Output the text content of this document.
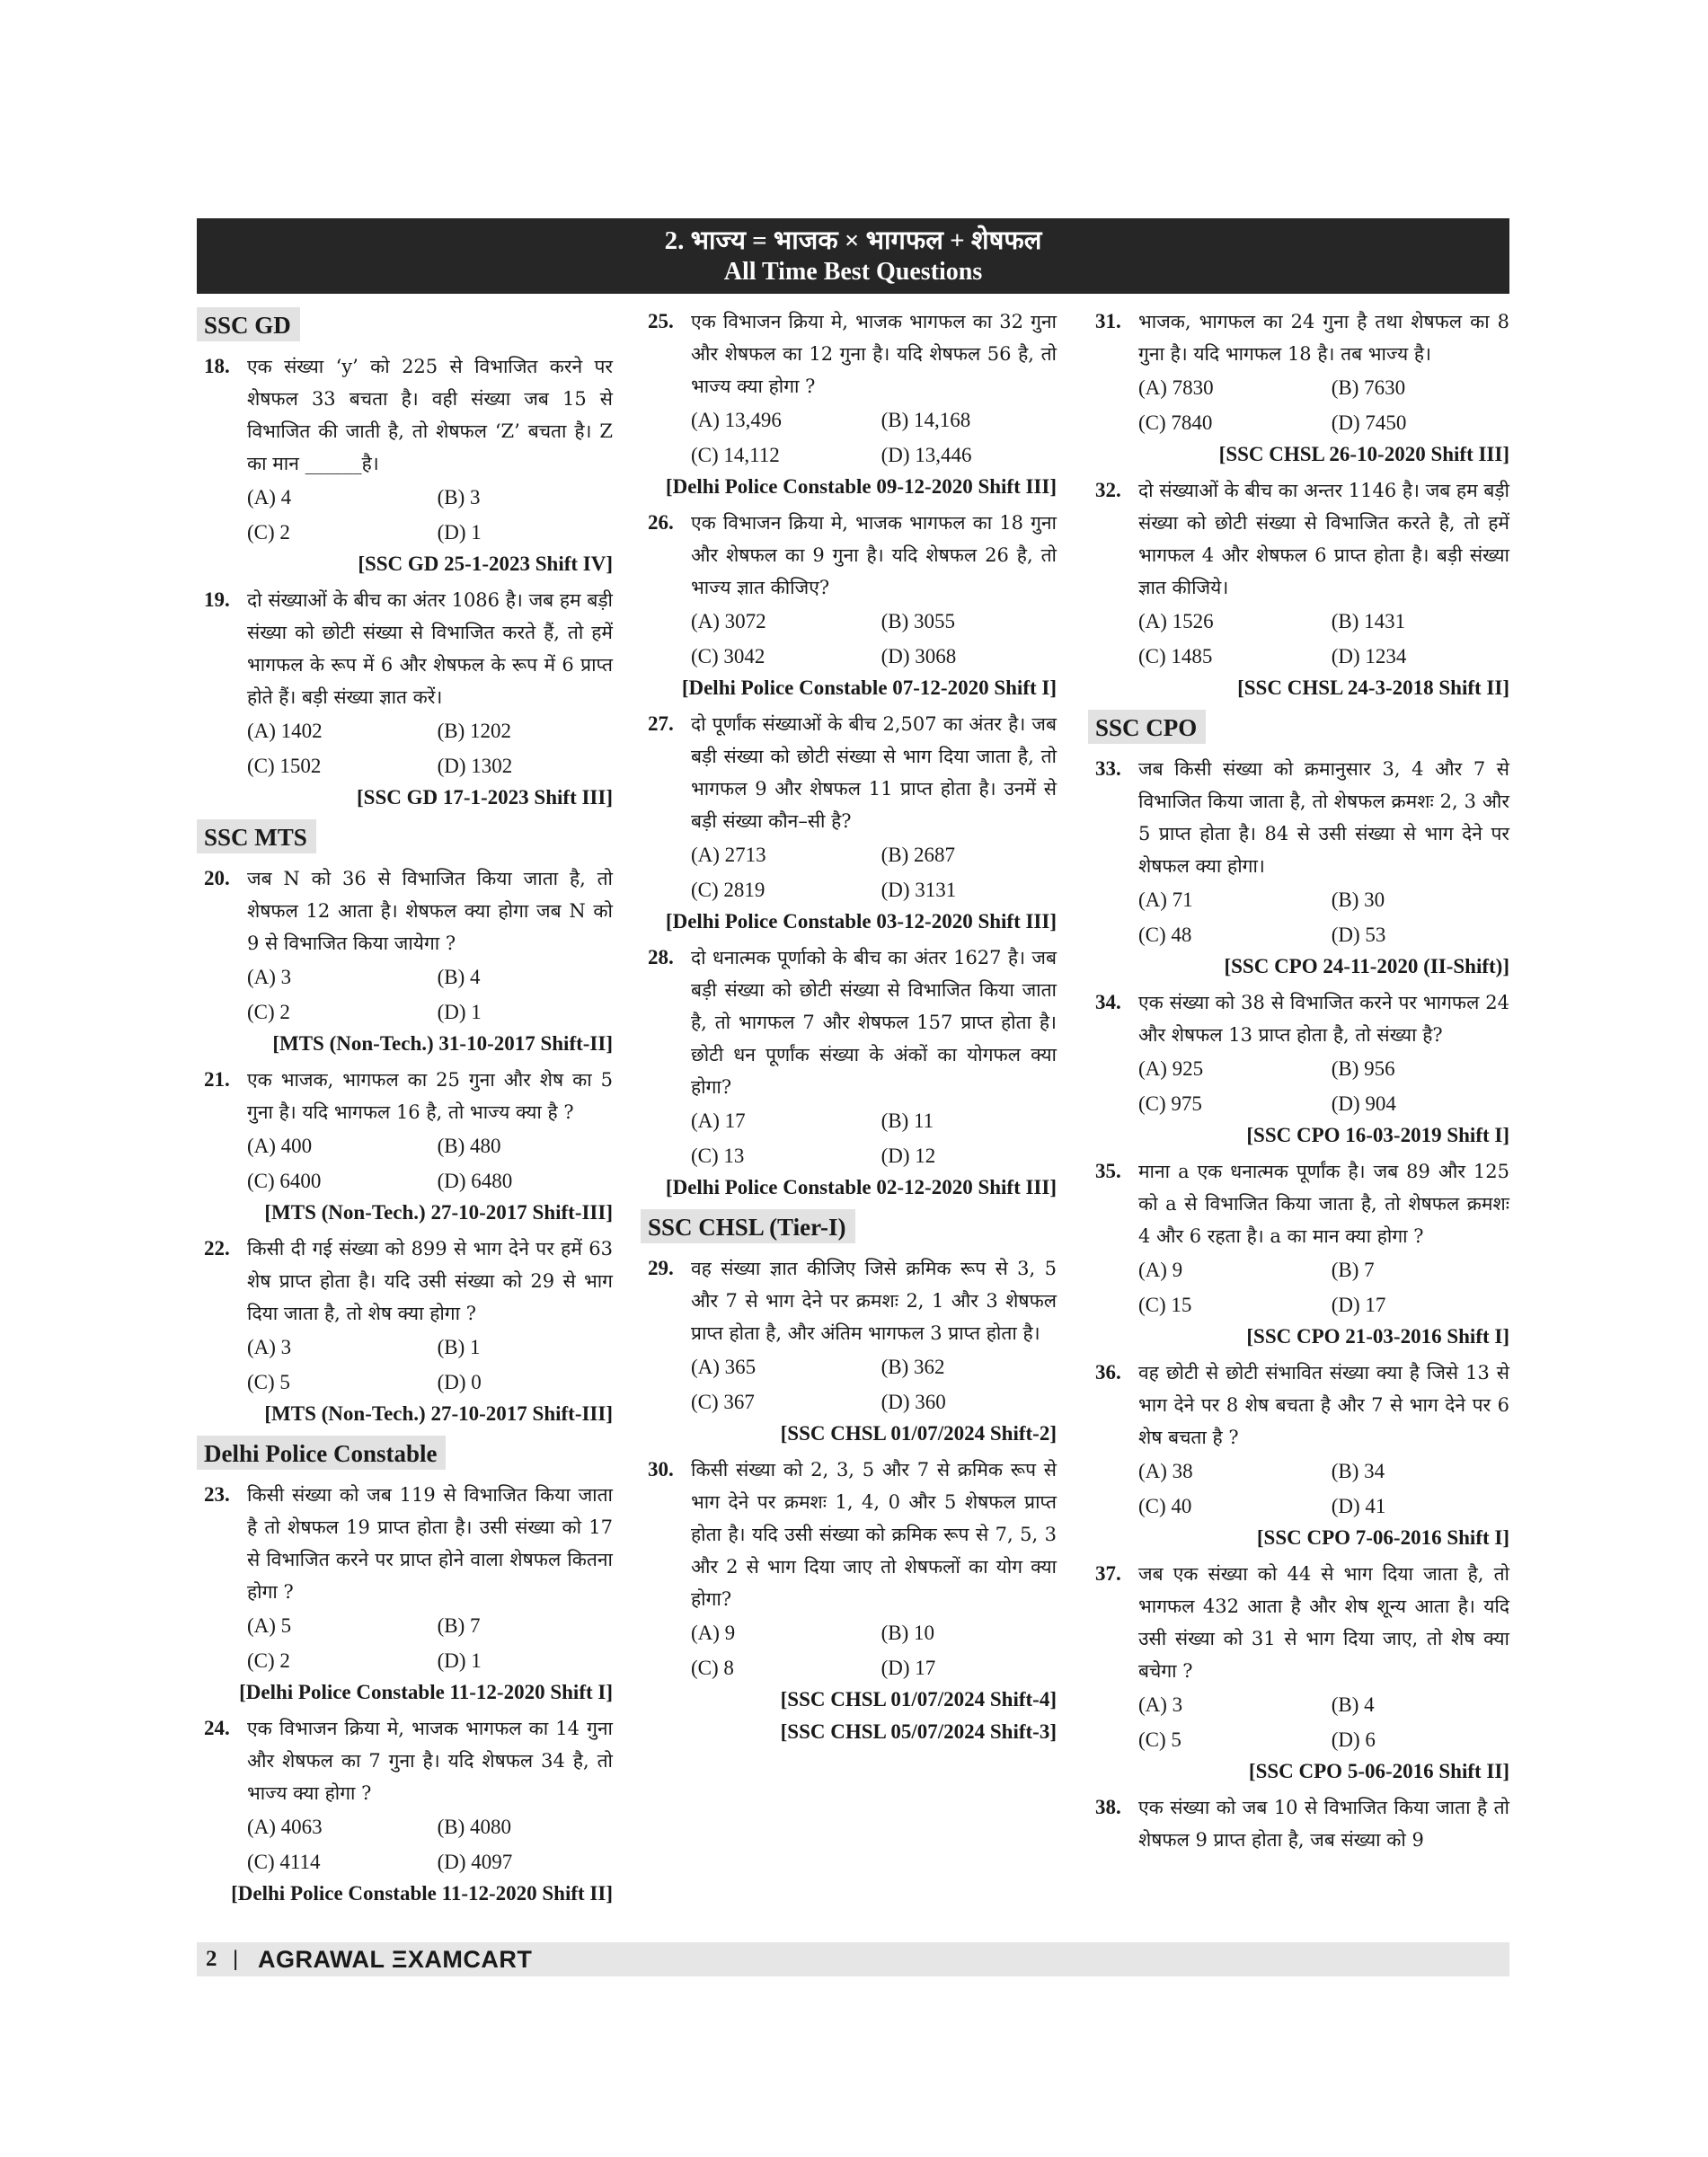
2. भाज्य = भाजक × भागफल + शेषफल
All Time Best Questions
SSC GD
18. एक संख्या ‘y’ को 225 से विभाजित करने पर शेषफल 33 बचता है। वही संख्या जब 15 से विभाजित की जाती है, तो शेषफल ‘Z’ बचता है। Z का मान ______है।
(A) 4	(B) 3
(C) 2	(D) 1
[SSC GD 25-1-2023 Shift IV]
19. दो संख्याओं के बीच का अंतर 1086 है। जब हम बड़ी संख्या को छोटी संख्या से विभाजित करते हैं, तो हमें भागफल के रूप में 6 और शेषफल के रूप में 6 प्राप्त होते हैं। बड़ी संख्या ज्ञात करें।
(A) 1402	(B) 1202
(C) 1502	(D) 1302
[SSC GD 17-1-2023 Shift III]
SSC MTS
20. जब N को 36 से विभाजित किया जाता है, तो शेषफल 12 आता है। शेषफल क्या होगा जब N को 9 से विभाजित किया जायेगा ?
(A) 3	(B) 4
(C) 2	(D) 1
[MTS (Non-Tech.) 31-10-2017 Shift-II]
21. एक भाजक, भागफल का 25 गुना और शेष का 5 गुना है। यदि भागफल 16 है, तो भाज्य क्या है ?
(A) 400	(B) 480
(C) 6400	(D) 6480
[MTS (Non-Tech.) 27-10-2017 Shift-III]
22. किसी दी गई संख्या को 899 से भाग देने पर हमें 63 शेष प्राप्त होता है। यदि उसी संख्या को 29 से भाग दिया जाता है, तो शेष क्या होगा ?
(A) 3	(B) 1
(C) 5	(D) 0
[MTS (Non-Tech.) 27-10-2017 Shift-III]
Delhi Police Constable
23. किसी संख्या को जब 119 से विभाजित किया जाता है तो शेषफल 19 प्राप्त होता है। उसी संख्या को 17 से विभाजित करने पर प्राप्त होने वाला शेषफल कितना होगा ?
(A) 5	(B) 7
(C) 2	(D) 1
[Delhi Police Constable 11-12-2020 Shift I]
24. एक विभाजन क्रिया मे, भाजक भागफल का 14 गुना और शेषफल का 7 गुना है। यदि शेषफल 34 है, तो भाज्य क्या होगा ?
(A) 4063	(B) 4080
(C) 4114	(D) 4097
[Delhi Police Constable 11-12-2020 Shift II]
25. एक विभाजन क्रिया मे, भाजक भागफल का 32 गुना और शेषफल का 12 गुना है। यदि शेषफल 56 है, तो भाज्य क्या होगा ?
(A) 13,496	(B) 14,168
(C) 14,112	(D) 13,446
[Delhi Police Constable 09-12-2020 Shift III]
26. एक विभाजन क्रिया मे, भाजक भागफल का 18 गुना और शेषफल का 9 गुना है। यदि शेषफल 26 है, तो भाज्य ज्ञात कीजिए?
(A) 3072	(B) 3055
(C) 3042	(D) 3068
[Delhi Police Constable 07-12-2020 Shift I]
27. दो पूर्णांक संख्याओं के बीच 2,507 का अंतर है। जब बड़ी संख्या को छोटी संख्या से भाग दिया जाता है, तो भागफल 9 और शेषफल 11 प्राप्त होता है। उनमें से बड़ी संख्या कौन–सी है?
(A) 2713	(B) 2687
(C) 2819	(D) 3131
[Delhi Police Constable 03-12-2020 Shift III]
28. दो धनात्मक पूर्णाको के बीच का अंतर 1627 है। जब बड़ी संख्या को छोटी संख्या से विभाजित किया जाता है, तो भागफल 7 और शेषफल 157 प्राप्त होता है। छोटी धन पूर्णांक संख्या के अंकों का योगफल क्या होगा?
(A) 17	(B) 11
(C) 13	(D) 12
[Delhi Police Constable 02-12-2020 Shift III]
SSC CHSL (Tier-I)
29. वह संख्या ज्ञात कीजिए जिसे क्रमिक रूप से 3, 5 और 7 से भाग देने पर क्रमशः 2, 1 और 3 शेषफल प्राप्त होता है, और अंतिम भागफल 3 प्राप्त होता है।
(A) 365	(B) 362
(C) 367	(D) 360
[SSC CHSL 01/07/2024 Shift-2]
30. किसी संख्या को 2, 3, 5 और 7 से क्रमिक रूप से भाग देने पर क्रमशः 1, 4, 0 और 5 शेषफल प्राप्त होता है। यदि उसी संख्या को क्रमिक रूप से 7, 5, 3 और 2 से भाग दिया जाए तो शेषफलों का योग क्या होगा?
(A) 9	(B) 10
(C) 8	(D) 17
[SSC CHSL 01/07/2024 Shift-4]
[SSC CHSL 05/07/2024 Shift-3]
31. भाजक, भागफल का 24 गुना है तथा शेषफल का 8 गुना है। यदि भागफल 18 है। तब भाज्य है।
(A) 7830	(B) 7630
(C) 7840	(D) 7450
[SSC CHSL 26-10-2020 Shift III]
32. दो संख्याओं के बीच का अन्तर 1146 है। जब हम बड़ी संख्या को छोटी संख्या से विभाजित करते है, तो हमें भागफल 4 और शेषफल 6 प्राप्त होता है। बड़ी संख्या ज्ञात कीजिये।
(A) 1526	(B) 1431
(C) 1485	(D) 1234
[SSC CHSL 24-3-2018 Shift II]
SSC CPO
33. जब किसी संख्या को क्रमानुसार 3, 4 और 7 से विभाजित किया जाता है, तो शेषफल क्रमशः 2, 3 और 5 प्राप्त होता है। 84 से उसी संख्या से भाग देने पर शेषफल क्या होगा।
(A) 71	(B) 30
(C) 48	(D) 53
[SSC CPO 24-11-2020 (II-Shift)]
34. एक संख्या को 38 से विभाजित करने पर भागफल 24 और शेषफल 13 प्राप्त होता है, तो संख्या है?
(A) 925	(B) 956
(C) 975	(D) 904
[SSC CPO 16-03-2019 Shift I]
35. माना a एक धनात्मक पूर्णांक है। जब 89 और 125 को a से विभाजित किया जाता है, तो शेषफल क्रमशः 4 और 6 रहता है। a का मान क्या होगा ?
(A) 9	(B) 7
(C) 15	(D) 17
[SSC CPO 21-03-2016 Shift I]
36. वह छोटी से छोटी संभावित संख्या क्या है जिसे 13 से भाग देने पर 8 शेष बचता है और 7 से भाग देने पर 6 शेष बचता है ?
(A) 38	(B) 34
(C) 40	(D) 41
[SSC CPO 7-06-2016 Shift I]
37. जब एक संख्या को 44 से भाग दिया जाता है, तो भागफल 432 आता है और शेष शून्य आता है। यदि उसी संख्या को 31 से भाग दिया जाए, तो शेष क्या बचेगा ?
(A) 3	(B) 4
(C) 5	(D) 6
[SSC CPO 5-06-2016 Shift II]
38. एक संख्या को जब 10 से विभाजित किया जाता है तो शेषफल 9 प्राप्त होता है, जब संख्या को 9
2 | AGRAWAL ΞXAMCART
